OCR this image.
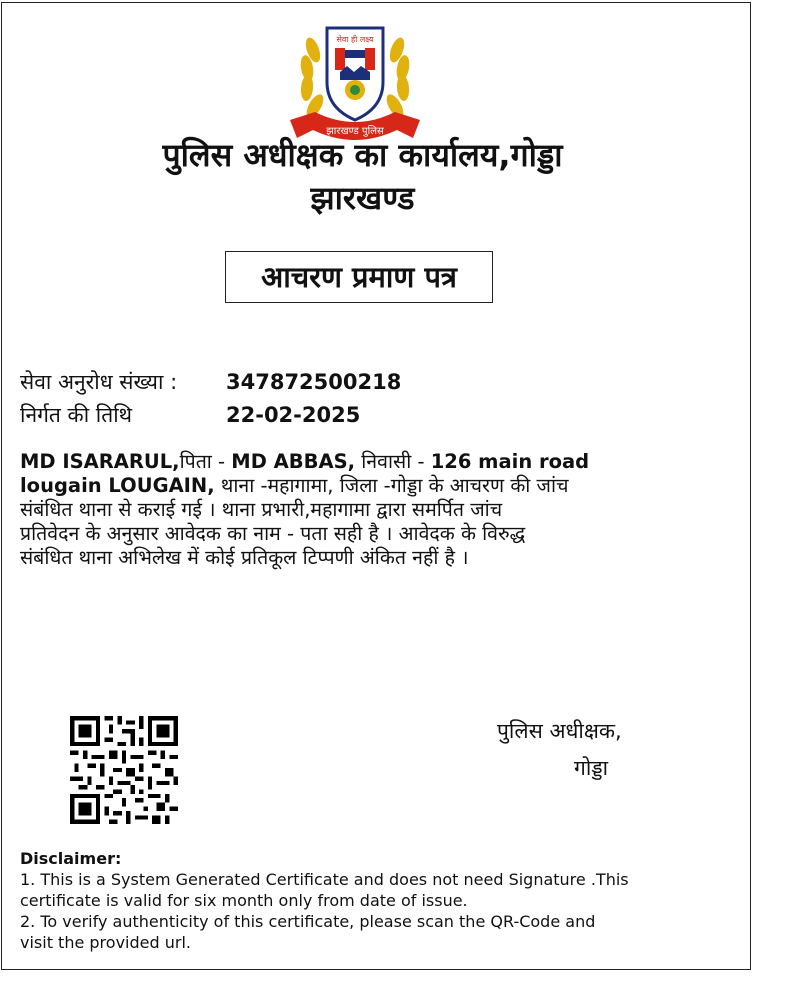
सेवा ही लक्ष्य
झारखण्ड पुलिस
पुलिस अधीक्षक का कार्यालय,गोड्डा
झारखण्ड
आचरण प्रमाण पत्र
सेवा अनुरोध संख्या : 347872500218
निर्गत की तिथि	22-02-2025
MD ISARARUL,पिता - MD ABBAS, निवासी - 126 main road
lougain LOUGAIN, थाना -महागामा, जिला -गोड्डा के आचरण की जांच
संबंधित थाना से कराई गई । थाना प्रभारी,महागामा द्वारा समर्पित जांच
प्रतिवेदन के अनुसार आवेदक का नाम - पता सही है । आवेदक के विरुद्ध
संबंधित थाना अभिलेख में कोई प्रतिकूल टिप्पणी अंकित नहीं है ।
पुलिस अधीक्षक,
गोड्डा
Disclaimer:
1. This is a System Generated Certificate and does not need Signature .This
certificate is valid for six month only from date of issue.
2. To verify authenticity of this certificate, please scan the QR-Code and
visit the provided url.
